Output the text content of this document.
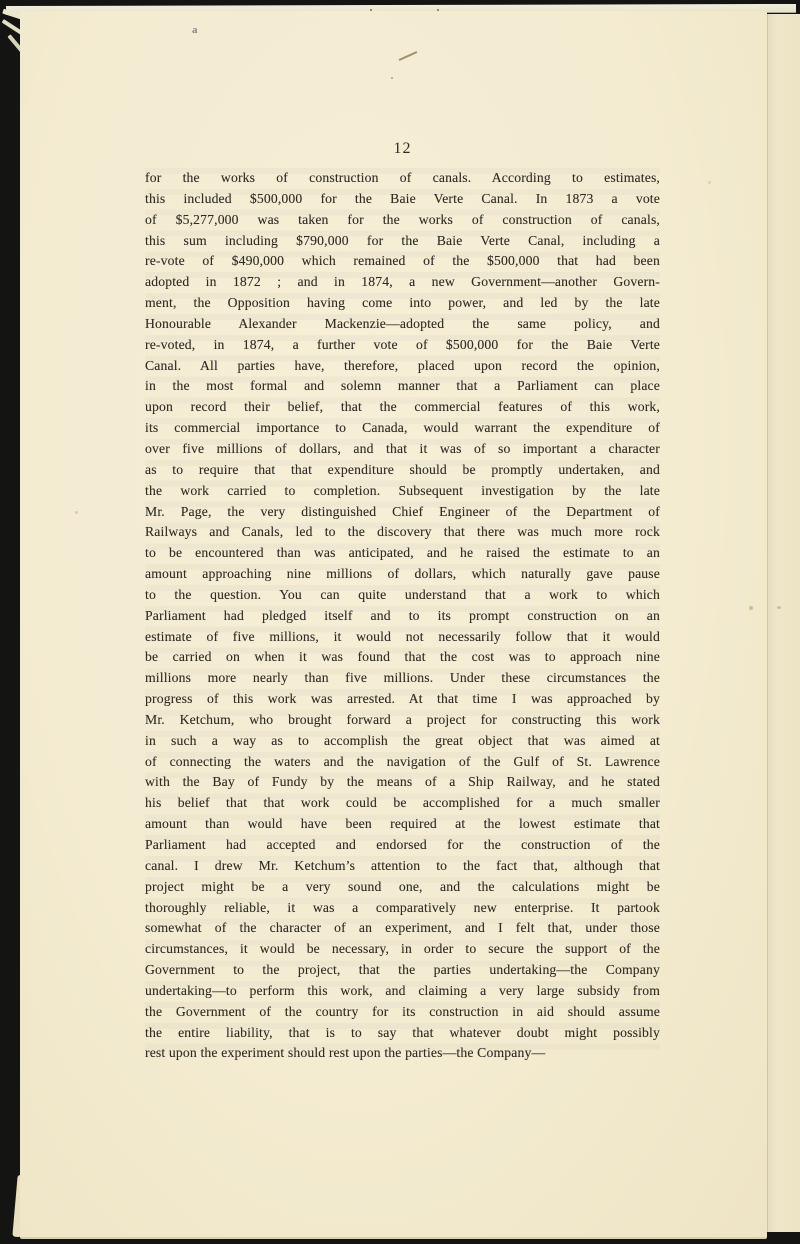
a
12
for the works of construction of canals. According to estimates,
this included $500,000 for the Baie Verte Canal. In 1873 a vote
of $5,277,000 was taken for the works of construction of canals,
this sum including $790,000 for the Baie Verte Canal, including a
re-vote of $490,000 which remained of the $500,000 that had been
adopted in 1872 ; and in 1874, a new Government—another Govern-
ment, the Opposition having come into power, and led by the late
Honourable Alexander Mackenzie—adopted the same policy, and
re-voted, in 1874, a further vote of $500,000 for the Baie Verte
Canal. All parties have, therefore, placed upon record the opinion,
in the most formal and solemn manner that a Parliament can place
upon record their belief, that the commercial features of this work,
its commercial importance to Canada, would warrant the expenditure of
over five millions of dollars, and that it was of so important a character
as to require that that expenditure should be promptly undertaken, and
the work carried to completion. Subsequent investigation by the late
Mr. Page, the very distinguished Chief Engineer of the Department of
Railways and Canals, led to the discovery that there was much more rock
to be encountered than was anticipated, and he raised the estimate to an
amount approaching nine millions of dollars, which naturally gave pause
to the question. You can quite understand that a work to which
Parliament had pledged itself and to its prompt construction on an
estimate of five millions, it would not necessarily follow that it would
be carried on when it was found that the cost was to approach nine
millions more nearly than five millions. Under these circumstances the
progress of this work was arrested. At that time I was approached by
Mr. Ketchum, who brought forward a project for constructing this work
in such a way as to accomplish the great object that was aimed at
of connecting the waters and the navigation of the Gulf of St. Lawrence
with the Bay of Fundy by the means of a Ship Railway, and he stated
his belief that that work could be accomplished for a much smaller
amount than would have been required at the lowest estimate that
Parliament had accepted and endorsed for the construction of the
canal. I drew Mr. Ketchum’s attention to the fact that, although that
project might be a very sound one, and the calculations might be
thoroughly reliable, it was a comparatively new enterprise. It partook
somewhat of the character of an experiment, and I felt that, under those
circumstances, it would be necessary, in order to secure the support of the
Government to the project, that the parties undertaking—the Company
undertaking—to perform this work, and claiming a very large subsidy from
the Government of the country for its construction in aid should assume
the entire liability, that is to say that whatever doubt might possibly
rest upon the experiment should rest upon the parties—the Company—
